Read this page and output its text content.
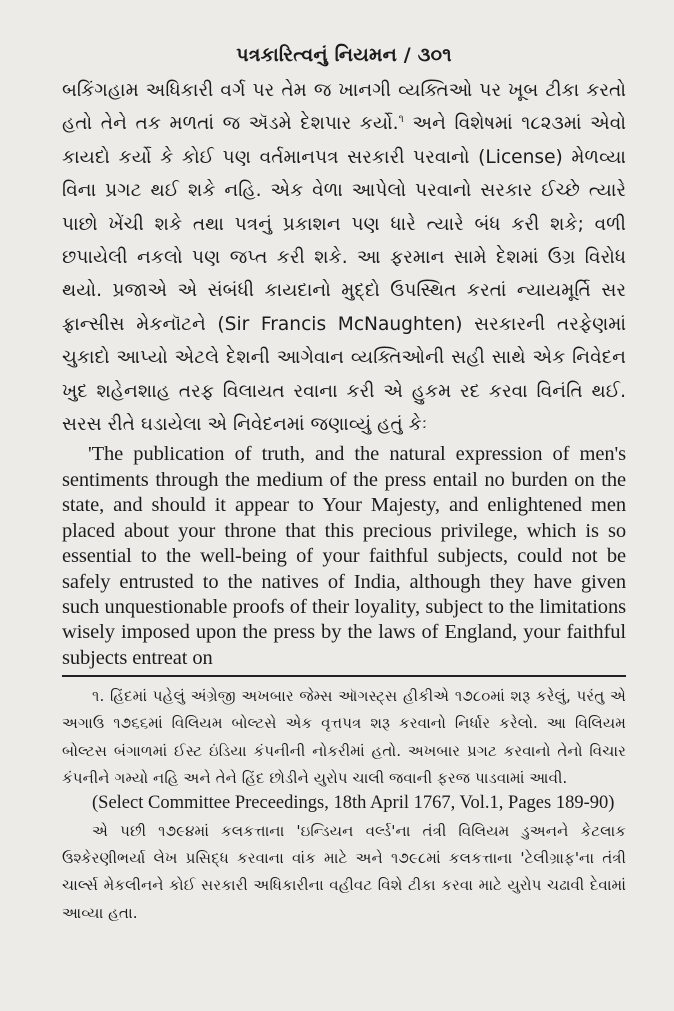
પત્રકારિત્વનું નિયમન / ૩૦૧

બકિંગહામ અધિકારી વર્ગ પર તેમ જ ખાનગી વ્યક્તિઓ પર ખૂબ ટીકા કરતો હતો તેને તક મળતાં જ ઍડમે દેશપાર કર્યો.$^૧$ અને વિશેષમાં ૧૮૨૩માં એવો કાયદો કર્યો કે કોઈ પણ વર્તમાનપત્ર સરકારી પરવાનો (License) મેળવ્યા વિના પ્રગટ થઈ શકે નહિ. એક વેળા આપેલો પરવાનો સરકાર ઈચ્છે ત્યારે પાછો ખેંચી શકે તથા પત્રનું પ્રકાશન પણ ધારે ત્યારે બંધ કરી શકે; વળી છપાયેલી નકલો પણ જપ્ત કરી શકે. આ ફરમાન સામે દેશમાં ઉગ્ર વિરોધ થયો. પ્રજાએ એ સંબંધી કાયદાનો મુદ્દો ઉપસ્થિત કરતાં ન્યાયમૂર્તિ સર ફ્રાન્સીસ મેકનૉટને (Sir Francis McNaughten) સરકારની તરફેણમાં ચુકાદો આપ્યો એટલે દેશની આગેવાન વ્યક્તિઓની સહી સાથે એક નિવેદન ખુદ શહેનશાહ તરફ વિલાયત રવાના કરી એ હુકમ રદ કરવા વિનંતિ થઈ. સરસ રીતે ઘડાયેલા એ નિવેદનમાં જણાવ્યું હતું કેઃ

'The publication of truth, and the natural expression of men's sentiments through the medium of the press entail no burden on the state, and should it appear to Your Majesty, and enlightened men placed about your throne that this precious privilege, which is so essential to the well-being of your faithful subjects, could not be safely entrusted to the natives of India, although they have given such unquestionable proofs of their loyality, subject to the limitations wisely imposed upon the press by the laws of England, your faithful subjects entreat on

૧. હિંદમાં પહેલું અંગ્રેજી અખબાર જેમ્સ ઑગસ્ટ્સ હીકીએ ૧૭૮૦માં શરૂ કરેલું, પરંતુ એ અગાઉ ૧૭૬૬માં વિલિયમ બોલ્ટસે એક વૃત્તપત્ર શરૂ કરવાનો નિર્ધાર કરેલો. આ વિલિયમ બોલ્ટસ બંગાળમાં ઈસ્ટ ઇંડિયા કંપનીની નોકરીમાં હતો. અખબાર પ્રગટ કરવાનો તેનો વિચાર કંપનીને ગમ્યો નહિ અને તેને હિંદ છોડીને યુરોપ ચાલી જવાની ફરજ પાડવામાં આવી.

(Select Committee Preceedings, 18th April 1767, Vol.1, Pages 189-90)

એ પછી ૧૭૯૪માં કલકત્તાના 'ઇન્ડિયન વર્લ્ડ'ના તંત્રી વિલિયમ ડુઅનને કેટલાક ઉશ્કેરણીભર્યા લેખ પ્રસિદ્ધ કરવાના વાંક માટે અને ૧૭૯૮માં કલકત્તાના 'ટેલીગ્રાફ'ના તંત્રી ચાર્લ્સ મેકલીનને કોઈ સરકારી અધિકારીના વહીવટ વિશે ટીકા કરવા માટે યુરોપ ચઢાવી દેવામાં આવ્યા હતા.
